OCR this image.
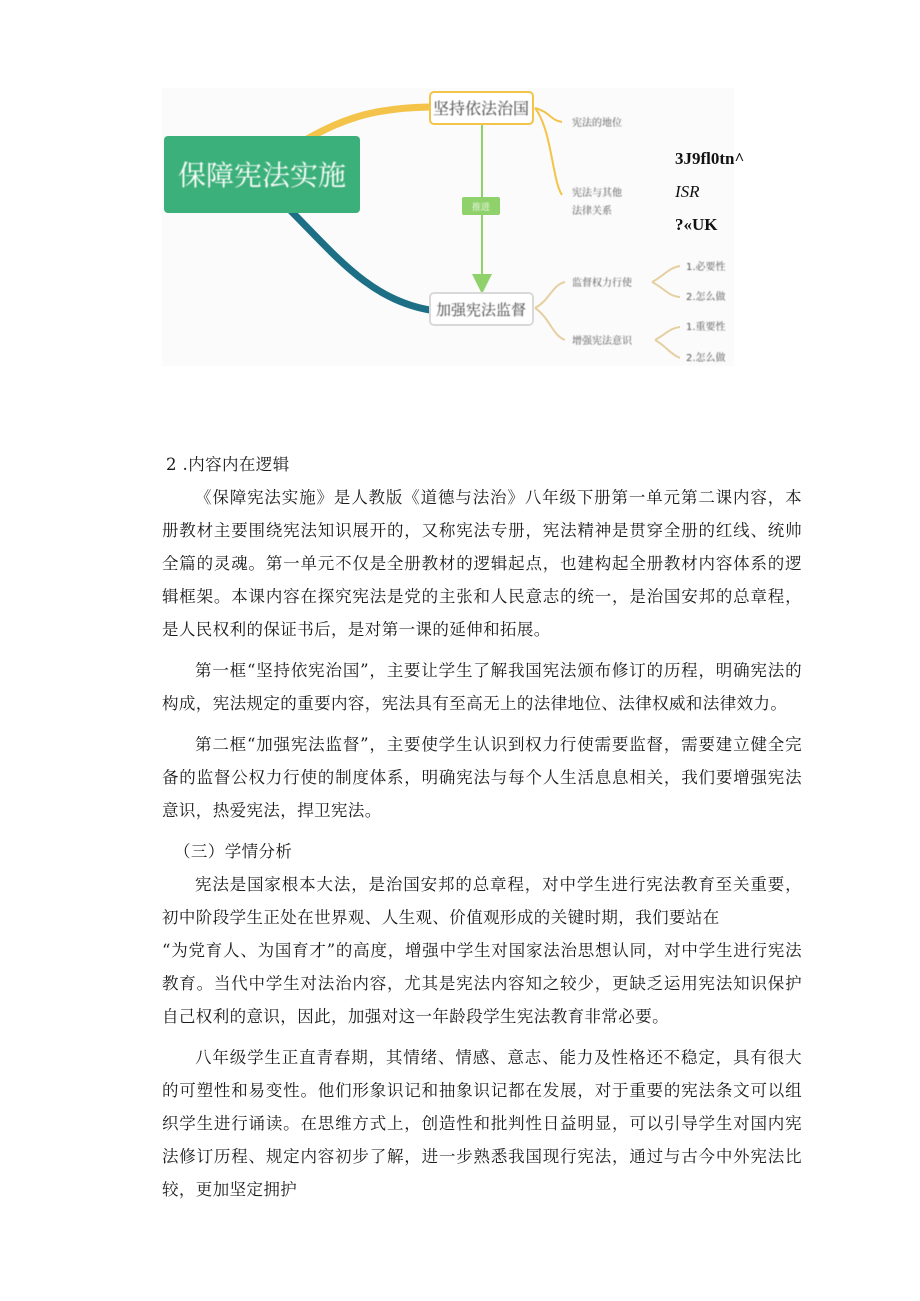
保障宪法实施
坚持依法治国
宪法的地位
宪法与其他
法律关系
推进
加强宪法监督
监督权力行使
1.必要性
2.怎么做
增强宪法意识
1.重要性
2.怎么做
3J9fl0tn^
ISR
?«UK

2 .内容内在逻辑

《保障宪法实施》是人教版《道德与法治》八年级下册第一单元第二课内容，本册教材主要围绕宪法知识展开的，又称宪法专册，宪法精神是贯穿全册的红线、统帅全篇的灵魂。第一单元不仅是全册教材的逻辑起点，也建构起全册教材内容体系的逻辑框架。本课内容在探究宪法是党的主张和人民意志的统一，是治国安邦的总章程，是人民权利的保证书后，是对第一课的延伸和拓展。

第一框“坚持依宪治国”，主要让学生了解我国宪法颁布修订的历程，明确宪法的构成，宪法规定的重要内容，宪法具有至高无上的法律地位、法律权威和法律效力。

第二框“加强宪法监督”，主要使学生认识到权力行使需要监督，需要建立健全完备的监督公权力行使的制度体系，明确宪法与每个人生活息息相关，我们要增强宪法意识，热爱宪法，捍卫宪法。

（三）学情分析

宪法是国家根本大法，是治国安邦的总章程，对中学生进行宪法教育至关重要，初中阶段学生正处在世界观、人生观、价值观形成的关键时期，我们要站在

“为党育人、为国育才”的高度，增强中学生对国家法治思想认同，对中学生进行宪法教育。当代中学生对法治内容，尤其是宪法内容知之较少，更缺乏运用宪法知识保护自己权利的意识，因此，加强对这一年龄段学生宪法教育非常必要。

八年级学生正直青春期，其情绪、情感、意志、能力及性格还不稳定，具有很大的可塑性和易变性。他们形象识记和抽象识记都在发展，对于重要的宪法条文可以组织学生进行诵读。在思维方式上，创造性和批判性日益明显，可以引导学生对国内宪法修订历程、规定内容初步了解，进一步熟悉我国现行宪法，通过与古今中外宪法比较，更加坚定拥护
